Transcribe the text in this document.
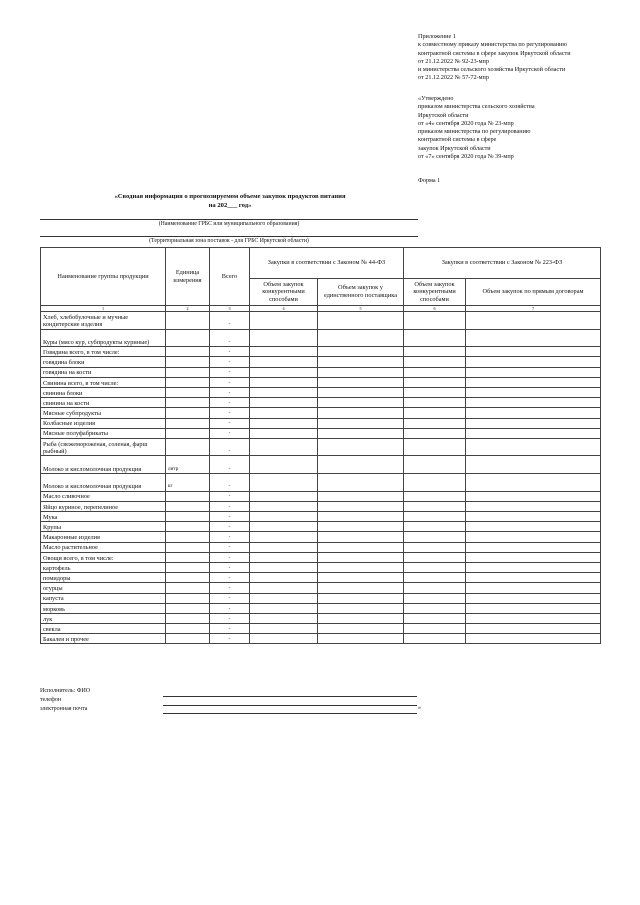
Приложение 1
к совместному приказу министерства по регулированию
контрактной системы в сфере закупок Иркутской области
от 21.12.2022 № 92-23-мпр
и министерства сельского хозяйства Иркутской области
от 21.12.2022 № 57-72-мпр
«Утверждено
приказом министерства сельского хозяйства
Иркутской области
от «4» сентября 2020 года № 23-мпр
приказом министерства по регулированию
контрактной системы в сфере
закупок Иркутской области
от «7» сентября 2020 года № 39-мпр
Форма 1
«Сводная информация о прогнозируемом объеме закупок продуктов питания
на 202___ год»
(Наименование ГРБС или муниципального образования)
(Территориальная зона поставок - для ГРБС Иркутской области)
Наименование группы продукции	Единица измерения	Всего	Закупки в соответствии с Законом № 44-ФЗ		Закупки в соответствии с Законом № 223-ФЗ	
			Объем закупок конкурентными способами	Объем закупок у единственного поставщика	Объем закупок конкурентными способами	Объем закупок по прямым договорам
1	2	3	4	5	6	7
Хлеб, хлебобулочные и мучные кондитерские изделия		-				
Куры (мясо кур, субпродукты куриные)		-				
Говядина всего, в том числе:		-				
говядина блоки		-				
говядина на кости		-				
Свинина всего, в том числе:		-				
свинина блоки		-				
свинина на кости		-				
Мясные субпродукты		-				
Колбасные изделия		-				
Мясные полуфабрикаты		-				
Рыба (свежемороженая, соленая, фарш рыбный)		-				
Молоко и кисломолочная продукция	литр	-				
Молоко и кисломолочная продукция	кг	-				
Масло сливочное		-				
Яйцо куриное, перепелиное		-				
Мука		-				
Крупы		-				
Макаронные изделия		-				
Масло растительное		-				
Овощи всего, в том числе:		-				
картофель		-				
помидоры		-				
огурцы		-				
капуста		-				
морковь		-				
лук		-				
свекла		-				
Бакалея и прочее		-				
Исполнитель: ФИО
телефон
электронная почта	»
